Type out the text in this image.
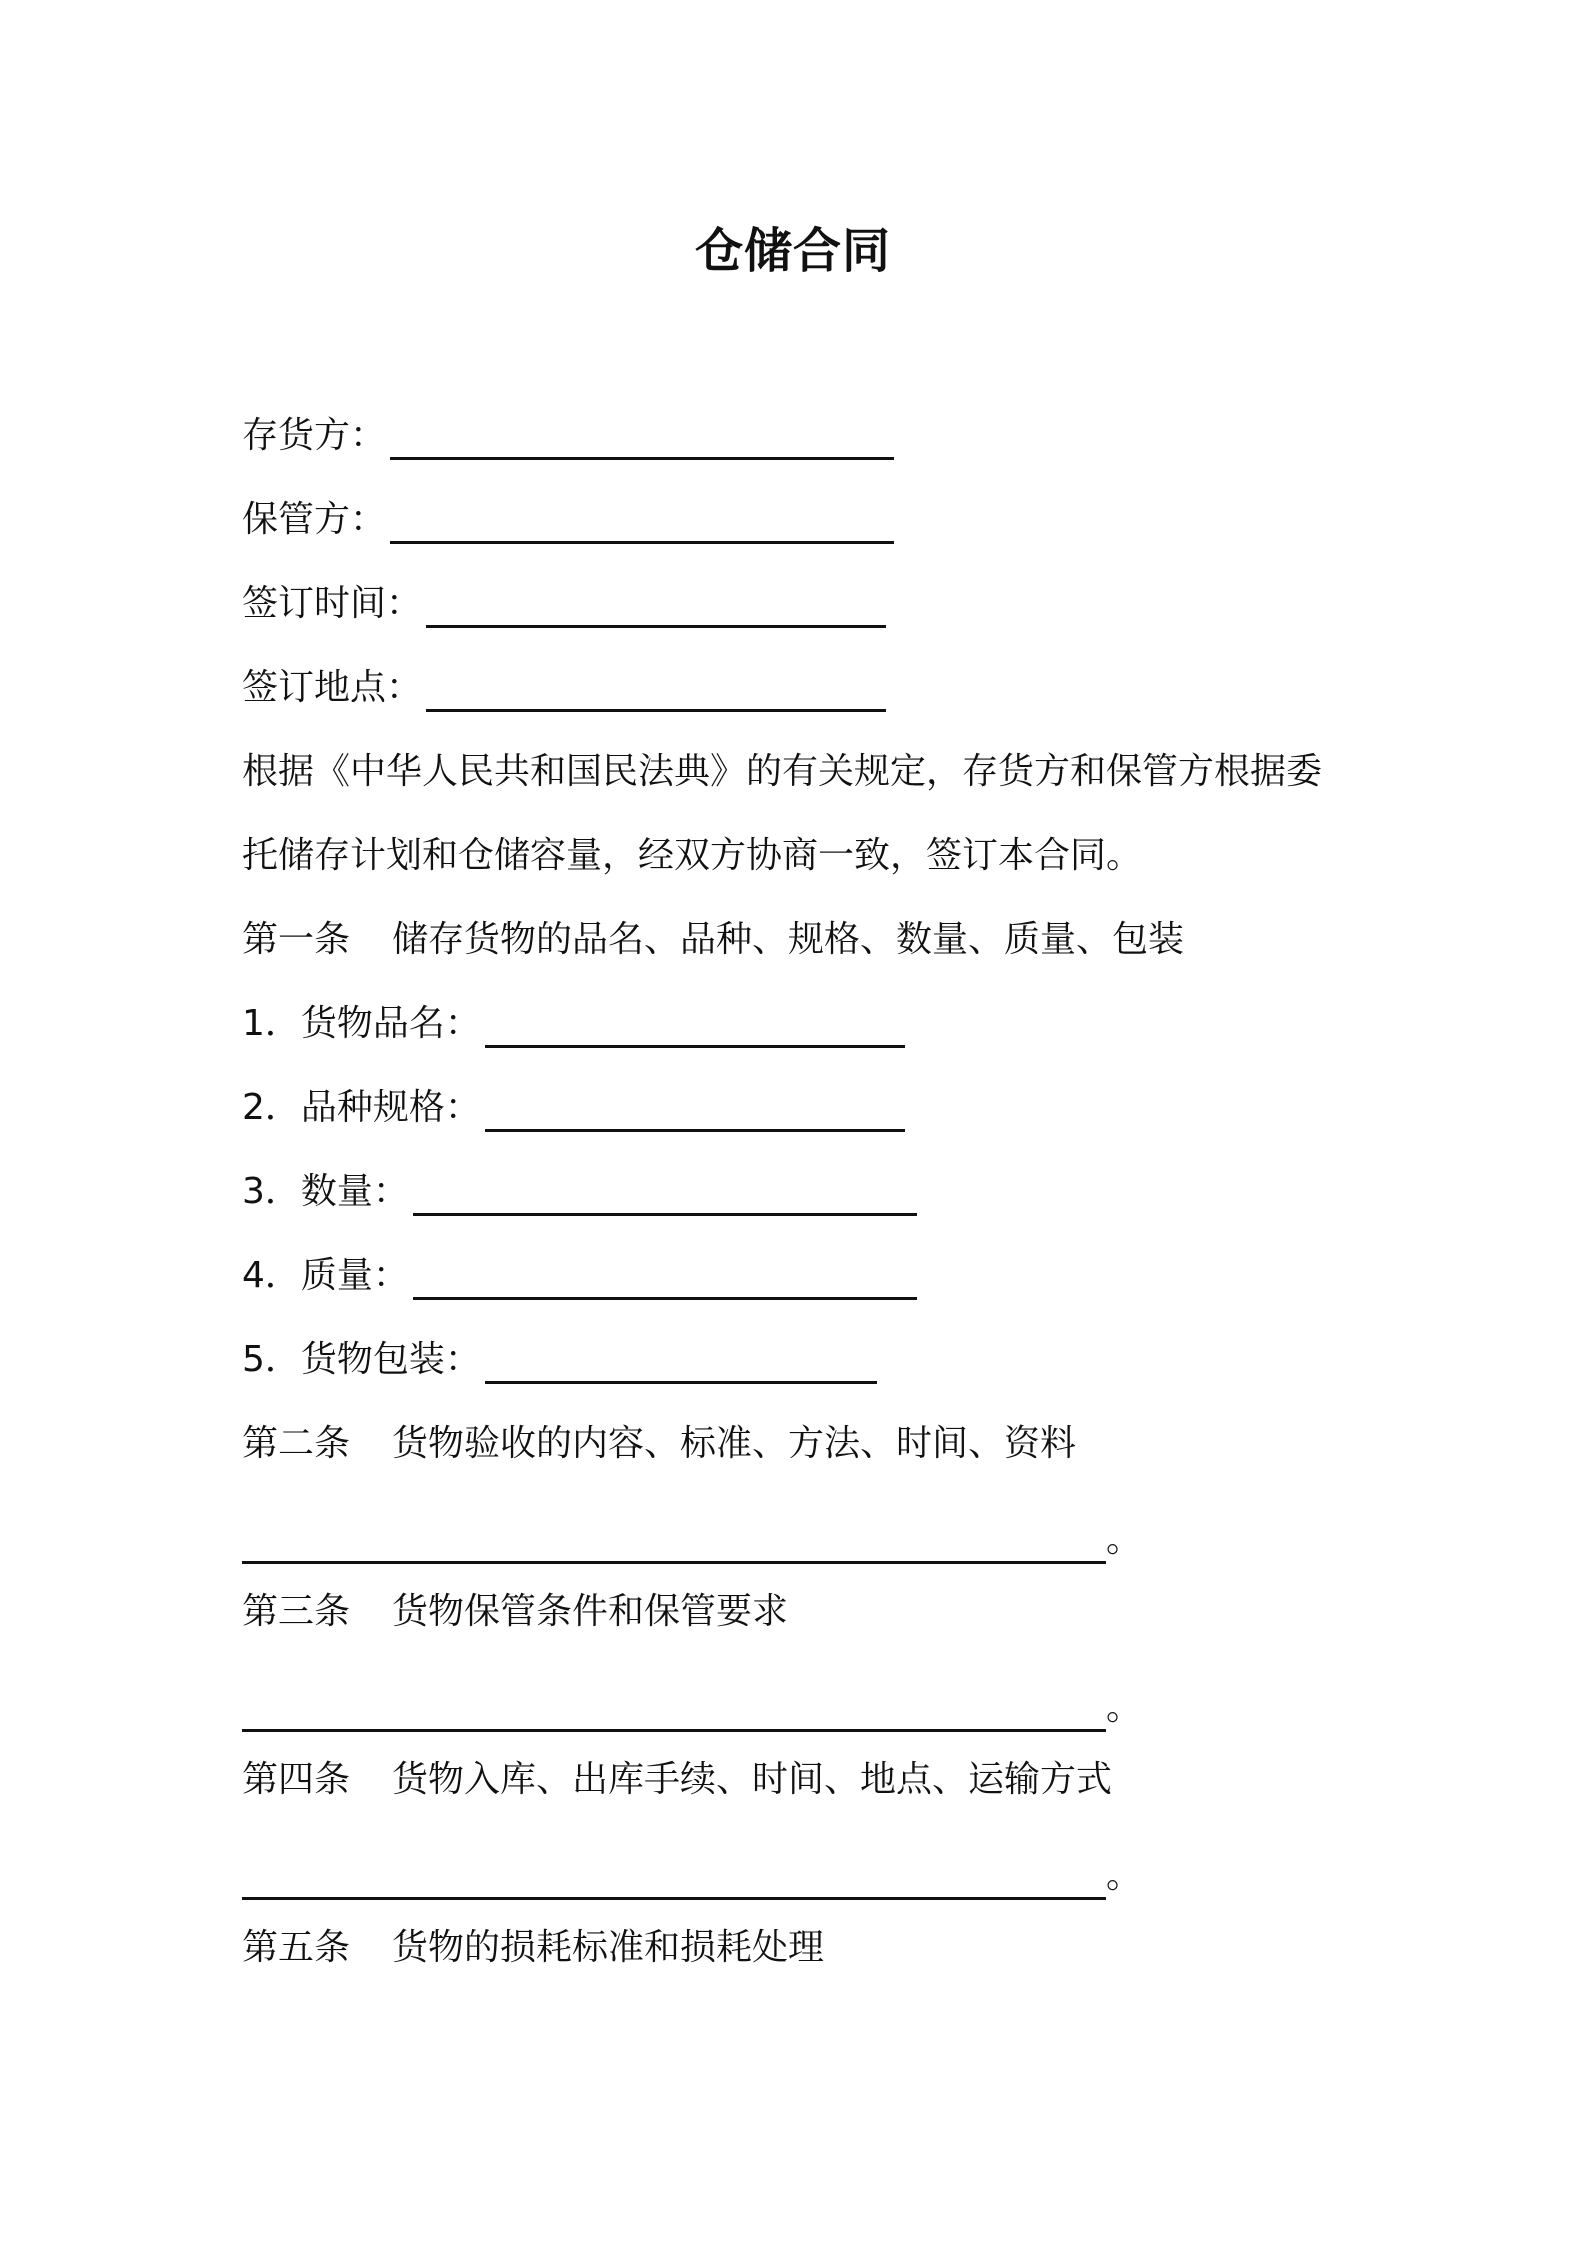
仓储合同
存货方：
保管方：
签订时间：
签订地点：
根据《中华人民共和国民法典》的有关规定，存货方和保管方根据委
托储存计划和仓储容量，经双方协商一致，签订本合同。
第一条 储存货物的品名、品种、规格、数量、质量、包装
1．货物品名：
2．品种规格：
3．数量：
4．质量：
5．货物包装：
第二条 货物验收的内容、标准、方法、时间、资料
。
第三条 货物保管条件和保管要求
。
第四条 货物入库、出库手续、时间、地点、运输方式
。
第五条 货物的损耗标准和损耗处理
